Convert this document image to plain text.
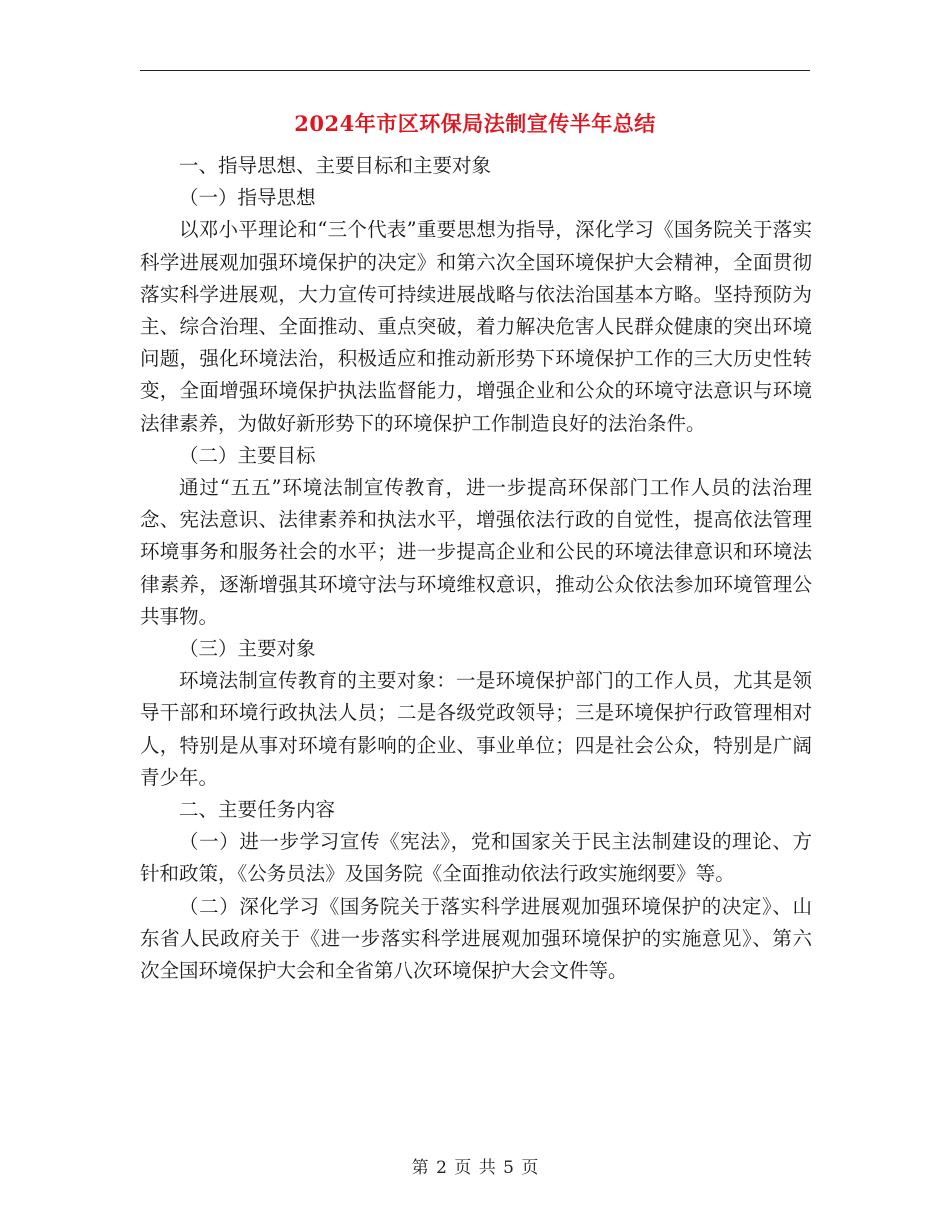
2024年市区环保局法制宣传半年总结

一、指导思想、主要目标和主要对象

（一）指导思想

以邓小平理论和“三个代表”重要思想为指导，深化学习《国务院关于落实科学进展观加强环境保护的决定》和第六次全国环境保护大会精神，全面贯彻落实科学进展观，大力宣传可持续进展战略与依法治国基本方略。坚持预防为主、综合治理、全面推动、重点突破，着力解决危害人民群众健康的突出环境问题，强化环境法治，积极适应和推动新形势下环境保护工作的三大历史性转变，全面增强环境保护执法监督能力，增强企业和公众的环境守法意识与环境法律素养，为做好新形势下的环境保护工作制造良好的法治条件。

（二）主要目标

通过“五五”环境法制宣传教育，进一步提高环保部门工作人员的法治理念、宪法意识、法律素养和执法水平，增强依法行政的自觉性，提高依法管理环境事务和服务社会的水平；进一步提高企业和公民的环境法律意识和环境法律素养，逐渐增强其环境守法与环境维权意识，推动公众依法参加环境管理公共事物。

（三）主要对象

环境法制宣传教育的主要对象：一是环境保护部门的工作人员，尤其是领导干部和环境行政执法人员；二是各级党政领导；三是环境保护行政管理相对人，特别是从事对环境有影响的企业、事业单位；四是社会公众，特别是广阔青少年。

二、主要任务内容

（一）进一步学习宣传《宪法》，党和国家关于民主法制建设的理论、方针和政策，《公务员法》及国务院《全面推动依法行政实施纲要》等。

（二）深化学习《国务院关于落实科学进展观加强环境保护的决定》、山东省人民政府关于《进一步落实科学进展观加强环境保护的实施意见》、第六次全国环境保护大会和全省第八次环境保护大会文件等。

第 2 页 共 5 页
